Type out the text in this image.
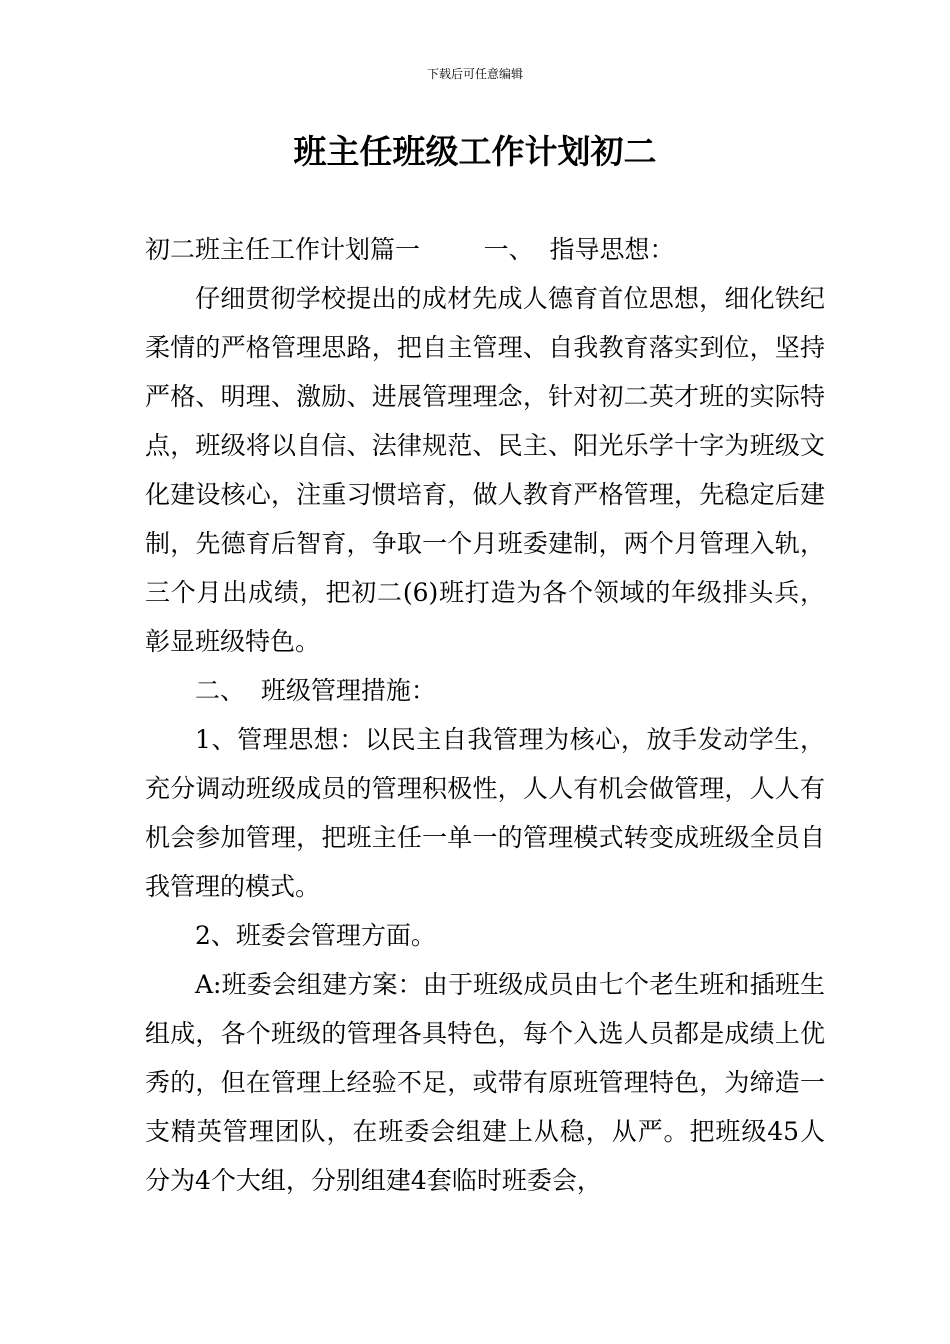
下载后可任意编辑
班主任班级工作计划初二

初二班主任工作计划篇一        一、  指导思想：

仔细贯彻学校提出的成材先成人德育首位思想，细化铁纪柔情的严格管理思路，把自主管理、自我教育落实到位，坚持严格、明理、激励、进展管理理念，针对初二英才班的实际特点，班级将以自信、法律规范、民主、阳光乐学十字为班级文化建设核心，注重习惯培育，做人教育严格管理，先稳定后建制，先德育后智育，争取一个月班委建制，两个月管理入轨，三个月出成绩，把初二(6)班打造为各个领域的年级排头兵，彰显班级特色。

二、  班级管理措施：

1、管理思想：以民主自我管理为核心，放手发动学生，充分调动班级成员的管理积极性，人人有机会做管理，人人有机会参加管理，把班主任一单一的管理模式转变成班级全员自我管理的模式。

2、班委会管理方面。

A:班委会组建方案：由于班级成员由七个老生班和插班生组成，各个班级的管理各具特色，每个入选人员都是成绩上优秀的，但在管理上经验不足，或带有原班管理特色，为缔造一支精英管理团队，在班委会组建上从稳，从严。把班级45人分为4个大组，分别组建4套临时班委会，
